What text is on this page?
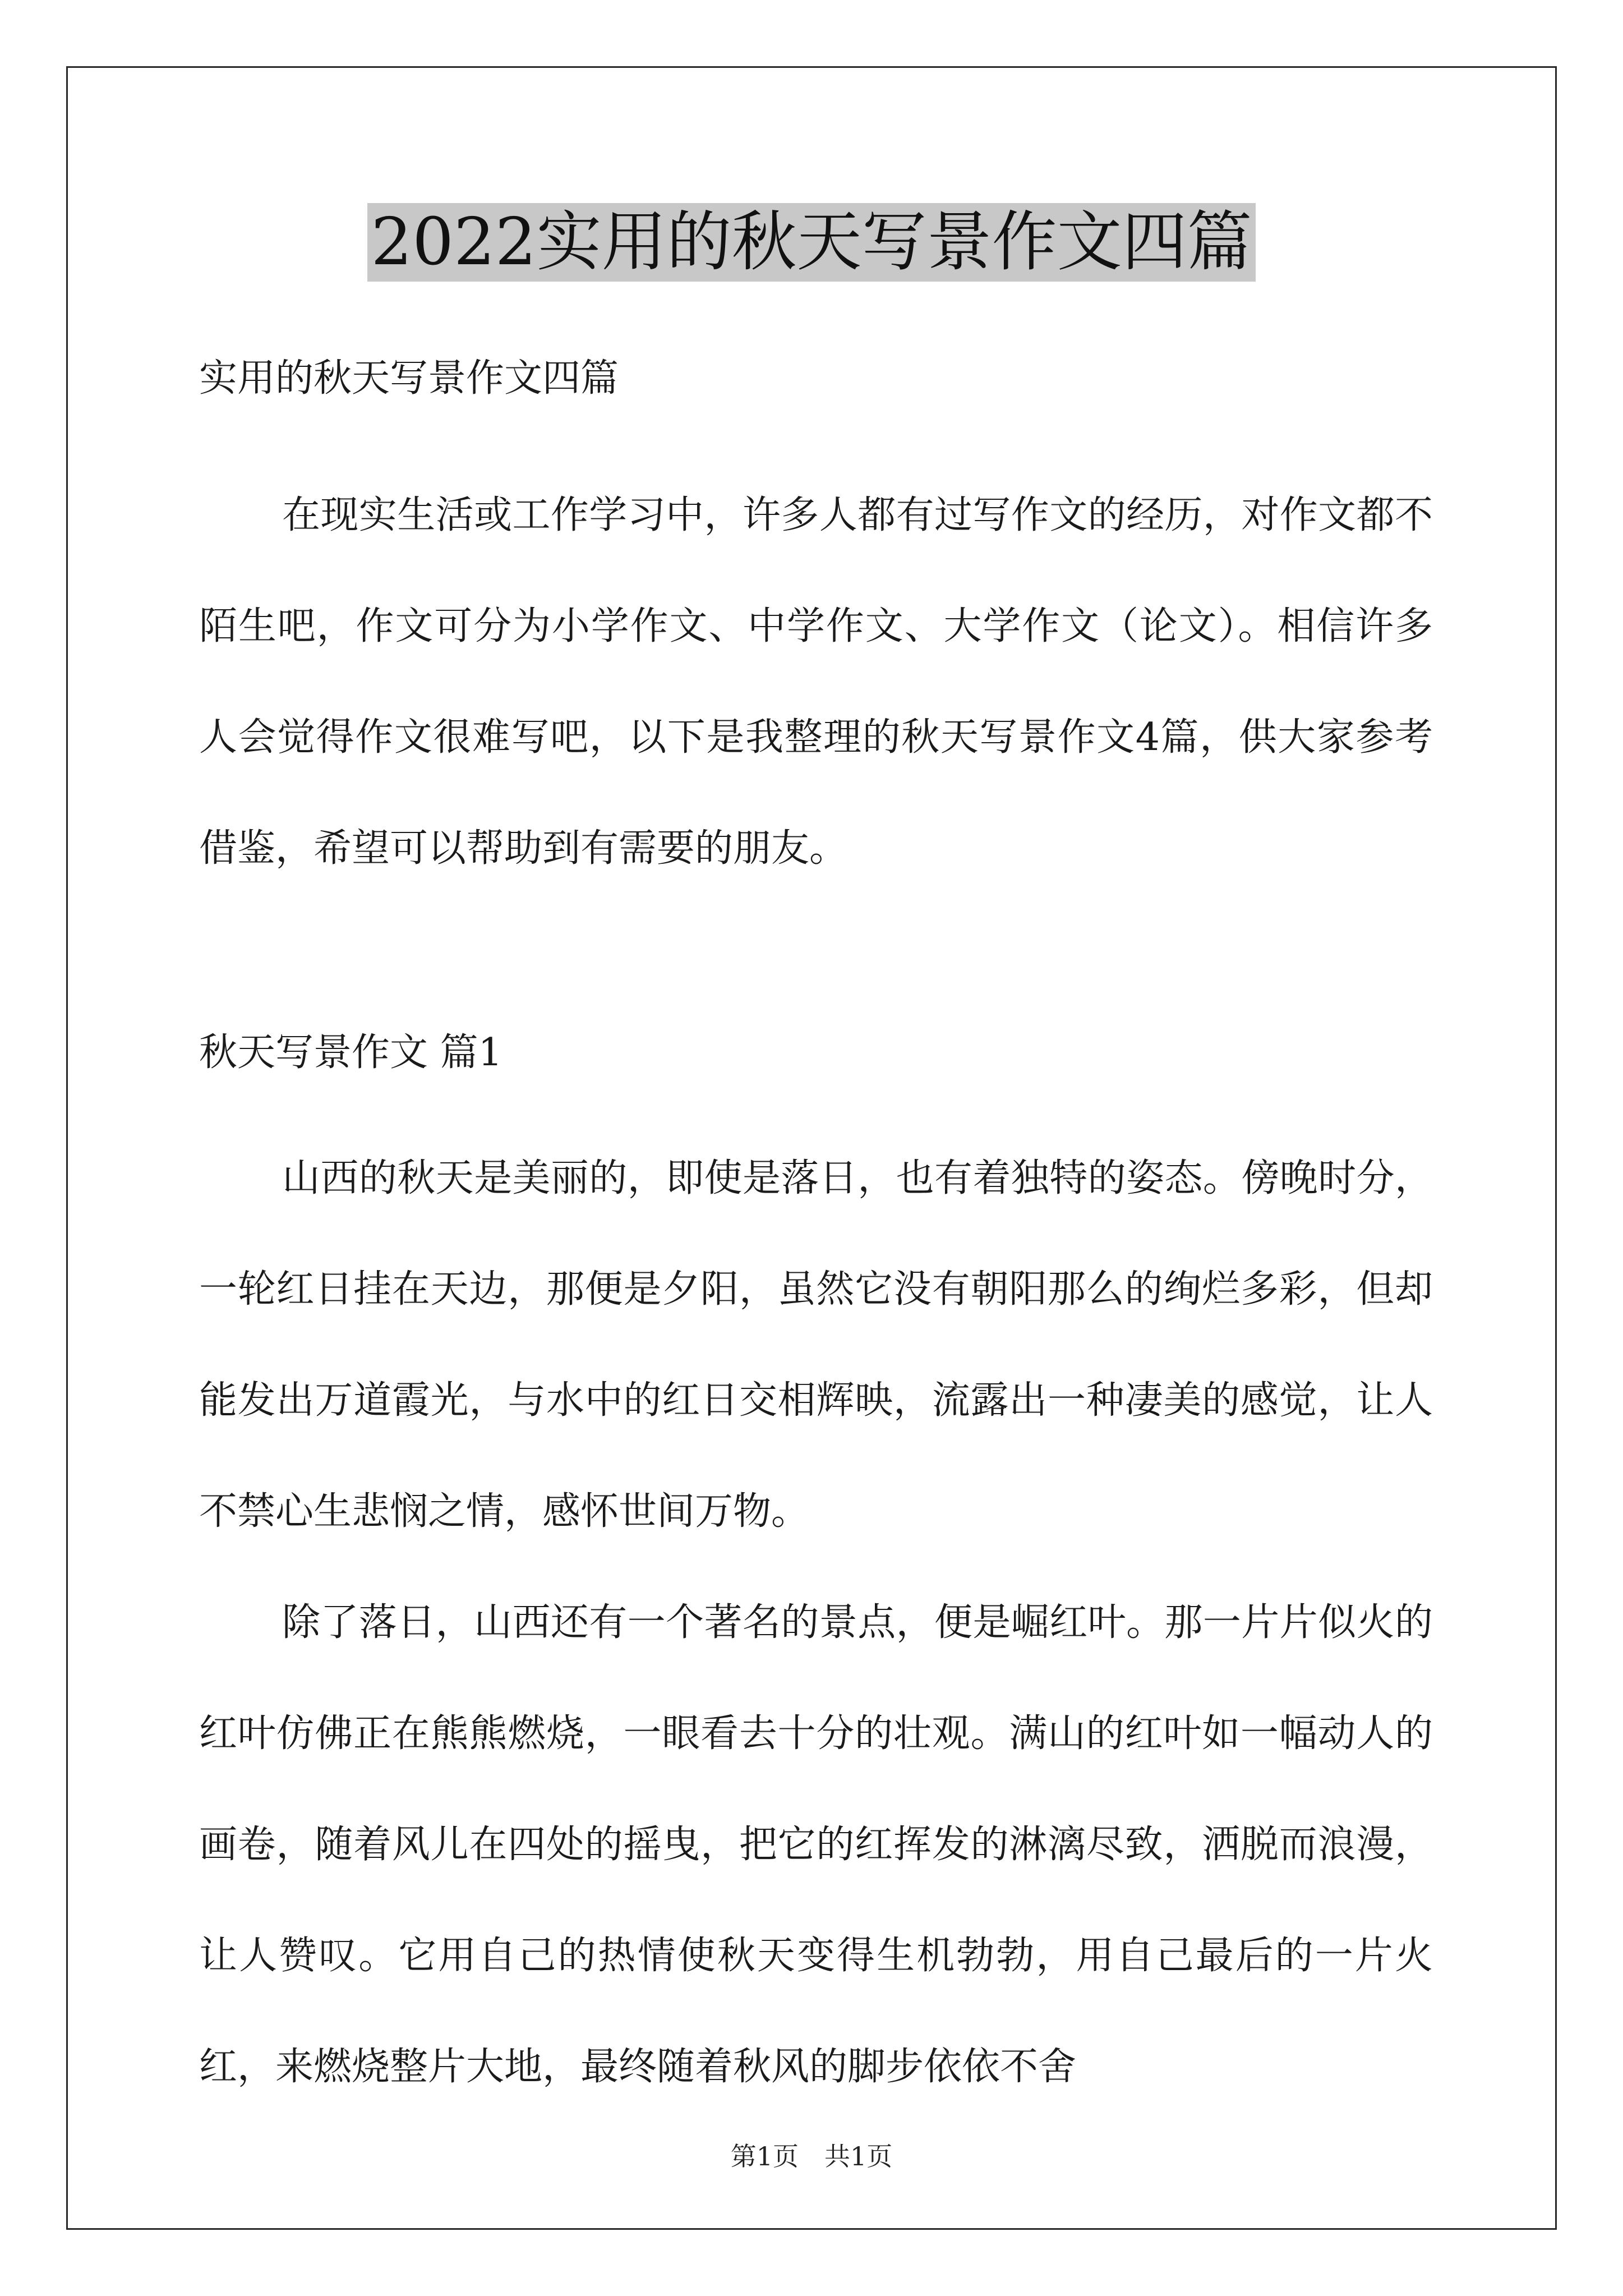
2022实用的秋天写景作文四篇

实用的秋天写景作文四篇

在现实生活或工作学习中，许多人都有过写作文的经历，对作文都不陌生吧，作文可分为小学作文、中学作文、大学作文（论文）。相信许多人会觉得作文很难写吧，以下是我整理的秋天写景作文4篇，供大家参考借鉴，希望可以帮助到有需要的朋友。

秋天写景作文 篇1

山西的秋天是美丽的，即使是落日，也有着独特的姿态。傍晚时分，一轮红日挂在天边，那便是夕阳，虽然它没有朝阳那么的绚烂多彩，但却能发出万道霞光，与水中的红日交相辉映，流露出一种凄美的感觉，让人不禁心生悲悯之情，感怀世间万物。

除了落日，山西还有一个著名的景点，便是崛红叶。那一片片似火的红叶仿佛正在熊熊燃烧，一眼看去十分的壮观。满山的红叶如一幅动人的画卷，随着风儿在四处的摇曳，把它的红挥发的淋漓尽致，洒脱而浪漫，让人赞叹。它用自己的热情使秋天变得生机勃勃，用自己最后的一片火红，来燃烧整片大地，最终随着秋风的脚步依依不舍

第1页　共1页
